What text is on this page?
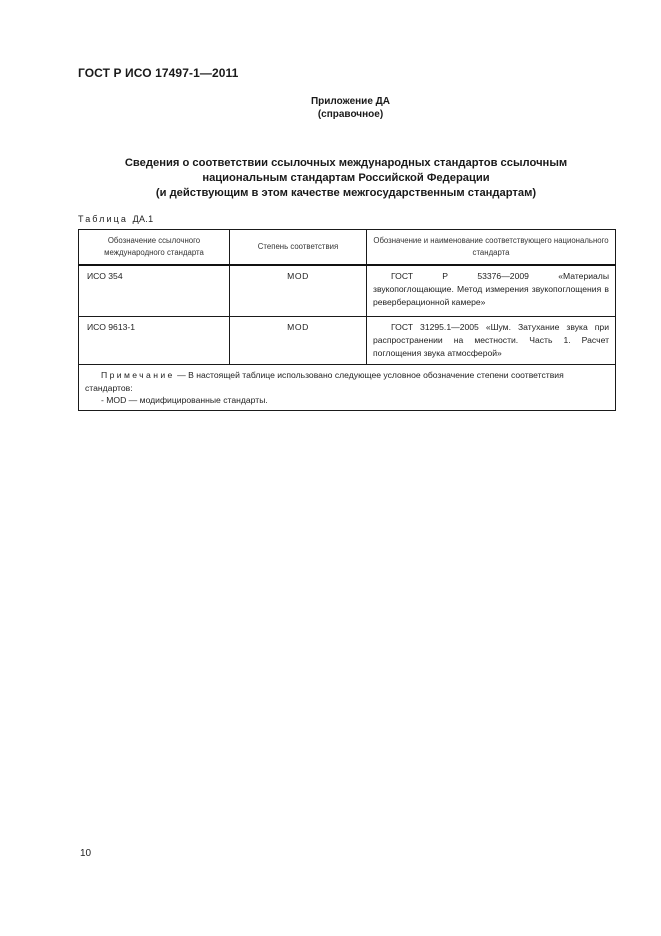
ГОСТ Р ИСО 17497-1—2011
Приложение ДА
(справочное)
Сведения о соответствии ссылочных международных стандартов ссылочным
национальным стандартам Российской Федерации
(и действующим в этом качестве межгосударственным стандартам)
Таблица ДА.1
Обозначение ссылочного международного стандарта	Степень соответствия	Обозначение и наименование соответствующего национального стандарта
ИСО 354	MOD	ГОСТ Р 53376—2009 «Материалы звукопоглощающие. Метод измерения звукопоглощения в реверберационной камере»
ИСО 9613-1	MOD	ГОСТ 31295.1—2005 «Шум. Затухание звука при распространении на местности. Часть 1. Расчет поглощения звука атмосферой»

Примечание — В настоящей таблице использовано следующее условное обозначение степени соответствия стандартов:
- MOD — модифицированные стандарты.		
10
